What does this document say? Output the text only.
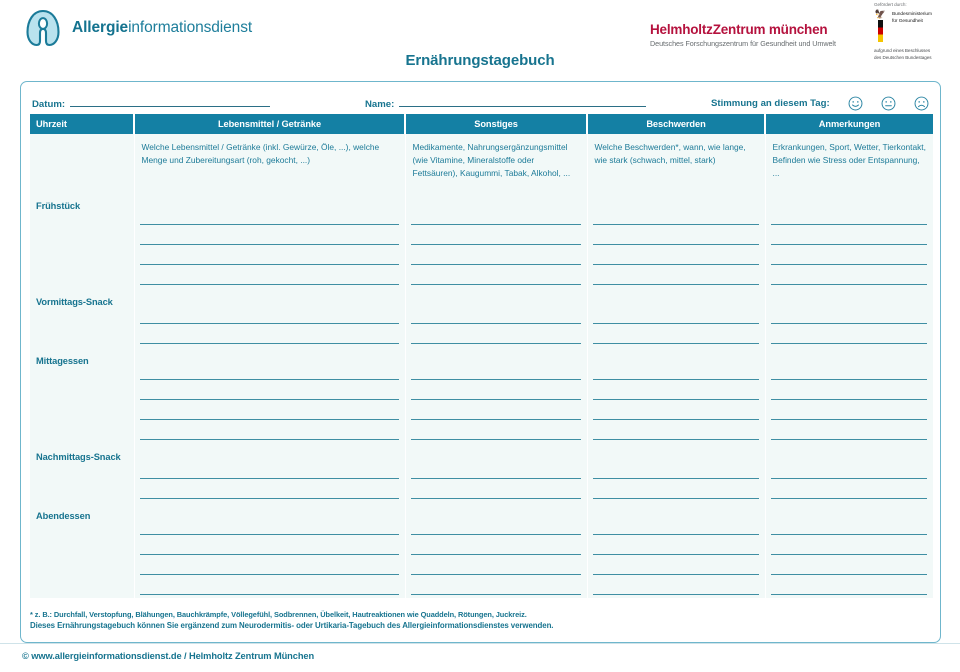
Allergieinformationsdienst	HelmholtzZentrum münchen
Deutsches Forschungszentrum für Gesundheit und Umwelt
Gefördert durch:
🦅	Bundesministerium
für Gesundheit
aufgrund eines Beschlusses
des Deutschen Bundestages
Ernährungstagebuch
Datum:	Name:	Stimmung an diesem Tag:
Uhrzeit	Lebensmittel / Getränke	Sonstiges	Beschwerden	Anmerkungen
	Welche Lebensmittel / Getränke (inkl. Gewürze, Öle, ...), welche Menge und Zubereitungsart (roh, gekocht, ...)	Medikamente, Nahrungsergänzungsmittel (wie Vitamine, Mineralstoffe oder Fettsäuren), Kaugummi, Tabak, Alkohol, ...	Welche Beschwerden*, wann, wie lange, wie stark (schwach, mittel, stark)	Erkrankungen, Sport, Wetter, Tierkontakt, Befinden wie Stress oder Entspannung, ...

Frühstück				

Vormittags-Snack				

Mittagessen				

Nachmittags-Snack				

Abendessen				

* z. B.: Durchfall, Verstopfung, Blähungen, Bauchkrämpfe, Völlegefühl, Sodbrennen, Übelkeit, Hautreaktionen wie Quaddeln, Rötungen, Juckreiz.
Dieses Ernährungstagebuch können Sie ergänzend zum Neurodermitis- oder Urtikaria-Tagebuch des Allergieinformationsdienstes verwenden.
© www.allergieinformationsdienst.de / Helmholtz Zentrum München
